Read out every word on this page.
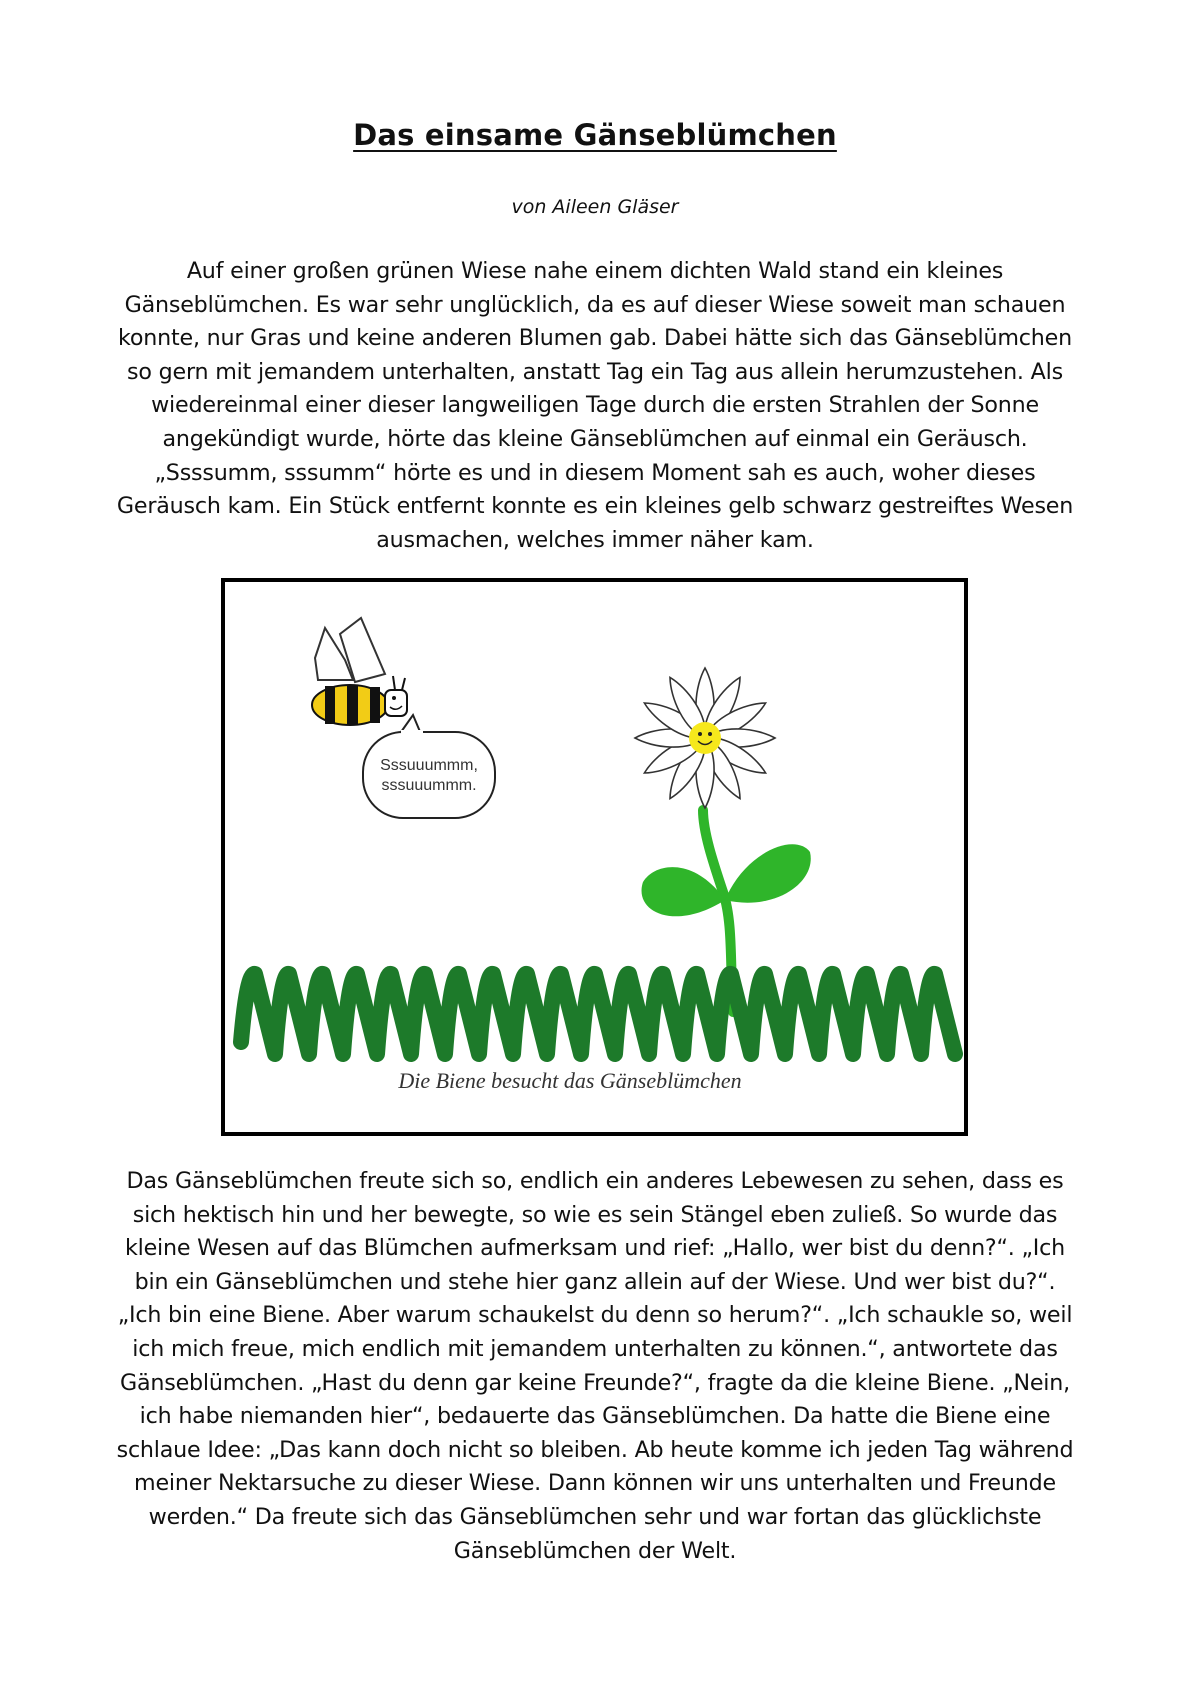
Das einsame Gänseblümchen
von Aileen Gläser

Auf einer großen grünen Wiese nahe einem dichten Wald stand ein kleines Gänseblümchen. Es war sehr unglücklich, da es auf dieser Wiese soweit man schauen konnte, nur Gras und keine anderen Blumen gab. Dabei hätte sich das Gänseblümchen so gern mit jemandem unterhalten, anstatt Tag ein Tag aus allein herumzustehen. Als wiedereinmal einer dieser langweiligen Tage durch die ersten Strahlen der Sonne angekündigt wurde, hörte das kleine Gänseblümchen auf einmal ein Geräusch. „Ssssumm, sssumm“ hörte es und in diesem Moment sah es auch, woher dieses Geräusch kam. Ein Stück entfernt konnte es ein kleines gelb schwarz gestreiftes Wesen ausmachen, welches immer näher kam.

Sssuuummm,
sssuuummm.
Die Biene besucht das Gänseblümchen

Das Gänseblümchen freute sich so, endlich ein anderes Lebewesen zu sehen, dass es sich hektisch hin und her bewegte, so wie es sein Stängel eben zuließ. So wurde das kleine Wesen auf das Blümchen aufmerksam und rief: „Hallo, wer bist du denn?“. „Ich bin ein Gänseblümchen und stehe hier ganz allein auf der Wiese. Und wer bist du?“. „Ich bin eine Biene. Aber warum schaukelst du denn so herum?“. „Ich schaukle so, weil ich mich freue, mich endlich mit jemandem unterhalten zu können.“, antwortete das Gänseblümchen. „Hast du denn gar keine Freunde?“, fragte da die kleine Biene. „Nein, ich habe niemanden hier“, bedauerte das Gänseblümchen. Da hatte die Biene eine schlaue Idee: „Das kann doch nicht so bleiben. Ab heute komme ich jeden Tag während meiner Nektarsuche zu dieser Wiese. Dann können wir uns unterhalten und Freunde werden.“ Da freute sich das Gänseblümchen sehr und war fortan das glücklichste Gänseblümchen der Welt.
